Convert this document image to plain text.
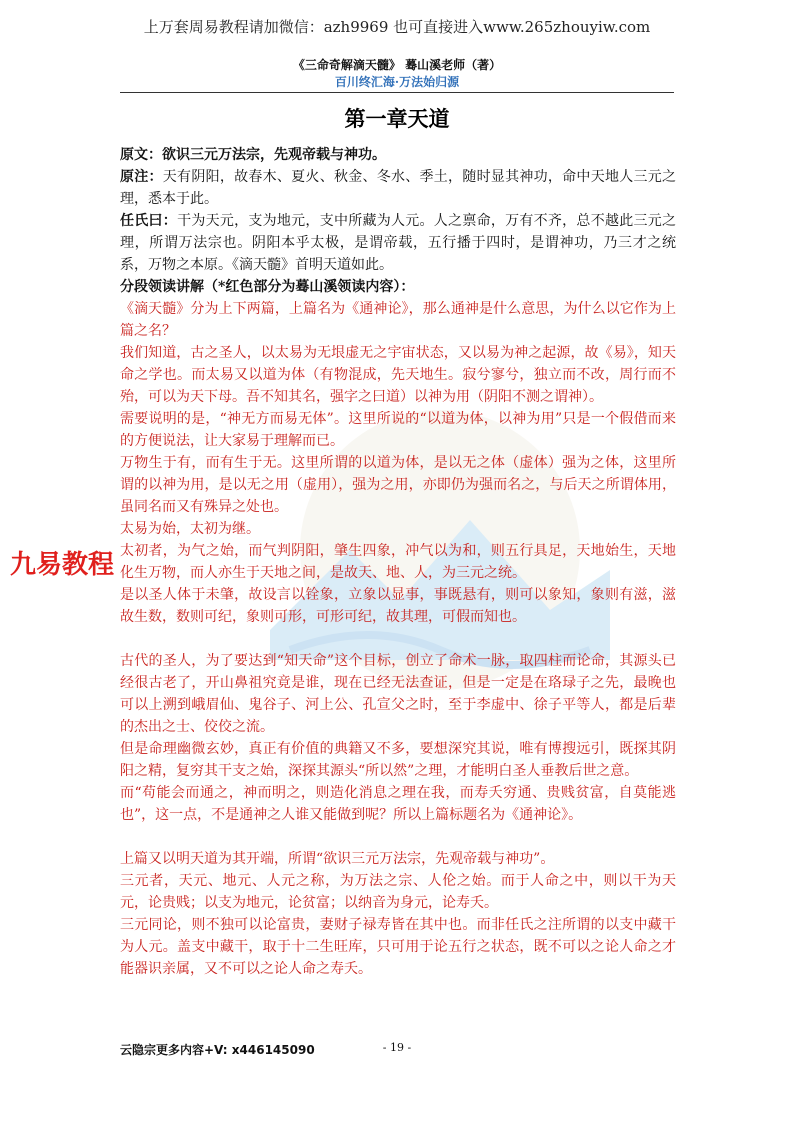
上万套周易教程请加微信：azh9969 也可直接进入www.265zhouyiw.com
《三命奇解滴天髓》 蓦山溪老师（著）
百川终汇海·万法始归源
第一章天道

原文：欲识三元万法宗，先观帝载与神功。

原注：天有阴阳，故春木、夏火、秋金、冬水、季土，随时显其神功，命中天地人三元之理，悉本于此。

任氏曰：干为天元，支为地元，支中所藏为人元。人之禀命，万有不齐，总不越此三元之理，所谓万法宗也。阴阳本乎太极，是谓帝载，五行播于四时，是谓神功，乃三才之统系，万物之本原。《滴天髓》首明天道如此。

分段领读讲解（*红色部分为蓦山溪领读内容）：

《滴天髓》分为上下两篇，上篇名为《通神论》，那么通神是什么意思，为什么以它作为上篇之名？

我们知道，古之圣人，以太易为无垠虚无之宇宙状态，又以易为神之起源，故《易》，知天命之学也。而太易又以道为体（有物混成，先天地生。寂兮寥兮，独立而不改，周行而不殆，可以为天下母。吾不知其名，强字之曰道）以神为用（阴阳不测之谓神）。

需要说明的是，“神无方而易无体”。这里所说的“以道为体，以神为用”只是一个假借而来的方便说法，让大家易于理解而已。

万物生于有，而有生于无。这里所谓的以道为体，是以无之体（虚体）强为之体，这里所谓的以神为用，是以无之用（虚用），强为之用，亦即仍为强而名之，与后天之所谓体用，虽同名而又有殊异之处也。

太易为始，太初为继。

太初者，为气之始，而气判阴阳，肇生四象，冲气以为和，则五行具足，天地始生，天地化生万物，而人亦生于天地之间，是故天、地、人，为三元之统。

是以圣人体于未肇，故设言以铨象，立象以显事，事既悬有，则可以象知，象则有滋，滋故生数，数则可纪，象则可形，可形可纪，故其理，可假而知也。

古代的圣人，为了要达到“知天命”这个目标，创立了命术一脉，取四柱而论命，其源头已经很古老了，开山鼻祖究竟是谁，现在已经无法查证，但是一定是在珞琭子之先，最晚也可以上溯到峨眉仙、鬼谷子、河上公、孔宣父之时，至于李虚中、徐子平等人，都是后辈的杰出之士、佼佼之流。

但是命理幽微玄妙，真正有价值的典籍又不多，要想深究其说，唯有博搜远引，既探其阴阳之精，复穷其干支之始，深探其源头“所以然”之理，才能明白圣人垂教后世之意。

而“苟能会而通之，神而明之，则造化消息之理在我，而寿夭穷通、贵贱贫富，自莫能逃也”，这一点，不是通神之人谁又能做到呢？所以上篇标题名为《通神论》。

上篇又以明天道为其开端，所谓“欲识三元万法宗，先观帝载与神功”。

三元者，天元、地元、人元之称，为万法之宗、人伦之始。而于人命之中，则以干为天元，论贵贱；以支为地元，论贫富；以纳音为身元，论寿夭。

三元同论，则不独可以论富贵，妻财子禄寿皆在其中也。而非任氏之注所谓的以支中藏干为人元。盖支中藏干，取于十二生旺库，只可用于论五行之状态，既不可以之论人命之才能器识亲属，又不可以之论人命之寿夭。

九易教程
云隐宗更多内容+V: x446145090	- 19 -
